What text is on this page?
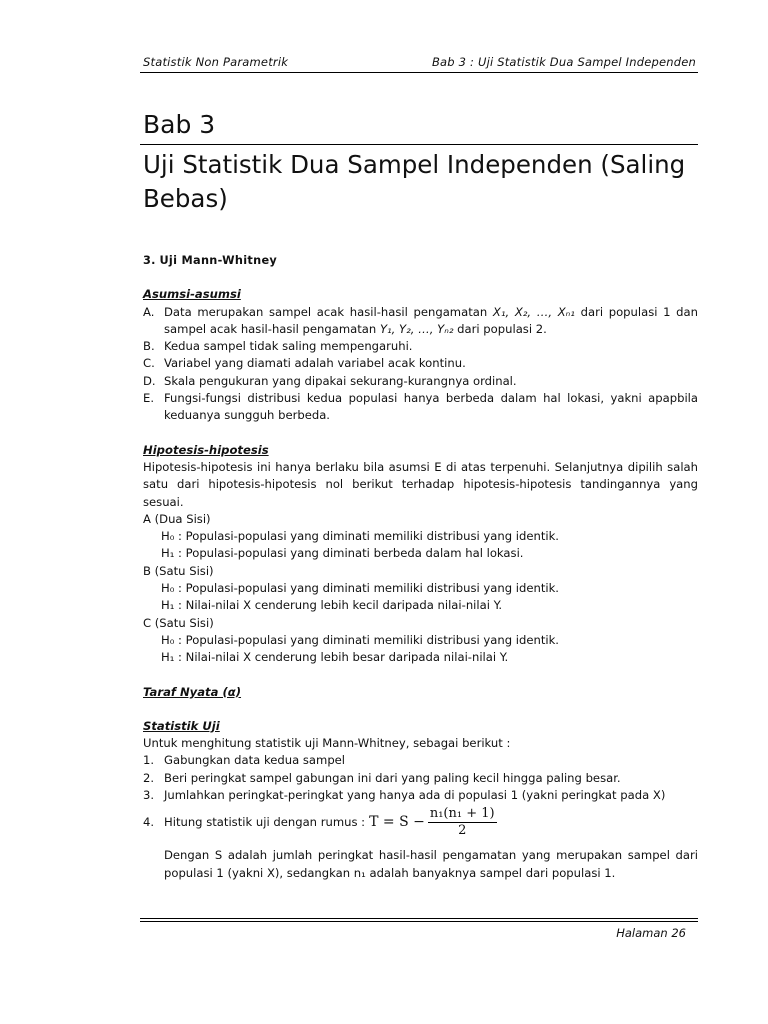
Statistik Non Parametrik	Bab 3 : Uji Statistik Dua Sampel Independen
Bab 3
Uji Statistik Dua Sampel Independen (Saling Bebas)
3. Uji Mann-Whitney
Asumsi-asumsi
A. Data merupakan sampel acak hasil-hasil pengamatan X₁, X₂, …, Xₙ₁ dari populasi 1 dan sampel acak hasil-hasil pengamatan Y₁, Y₂, …, Yₙ₂ dari populasi 2.
B. Kedua sampel tidak saling mempengaruhi.
C. Variabel yang diamati adalah variabel acak kontinu.
D. Skala pengukuran yang dipakai sekurang-kurangnya ordinal.
E. Fungsi-fungsi distribusi kedua populasi hanya berbeda dalam hal lokasi, yakni apapbila keduanya sungguh berbeda.
Hipotesis-hipotesis
Hipotesis-hipotesis ini hanya berlaku bila asumsi E di atas terpenuhi. Selanjutnya dipilih salah satu dari hipotesis-hipotesis nol berikut terhadap hipotesis-hipotesis tandingannya yang sesuai.
A (Dua Sisi)
H₀ : Populasi-populasi yang diminati memiliki distribusi yang identik.
H₁ : Populasi-populasi yang diminati berbeda dalam hal lokasi.
B (Satu Sisi)
H₀ : Populasi-populasi yang diminati memiliki distribusi yang identik.
H₁ : Nilai-nilai X cenderung lebih kecil daripada nilai-nilai Y.
C (Satu Sisi)
H₀ : Populasi-populasi yang diminati memiliki distribusi yang identik.
H₁ : Nilai-nilai X cenderung lebih besar daripada nilai-nilai Y.
Taraf Nyata (α)
Statistik Uji
Untuk menghitung statistik uji Mann-Whitney, sebagai berikut :
1. Gabungkan data kedua sampel
2. Beri peringkat sampel gabungan ini dari yang paling kecil hingga paling besar.
3. Jumlahkan peringkat-peringkat yang hanya ada di populasi 1 (yakni peringkat pada X)
4. Hitung statistik uji dengan rumus : $T = S - \frac{\text{n₁(n₁ + 1)}}{2}$
Dengan S adalah jumlah peringkat hasil-hasil pengamatan yang merupakan sampel dari populasi 1 (yakni X), sedangkan n₁ adalah banyaknya sampel dari populasi 1.
Halaman 26
